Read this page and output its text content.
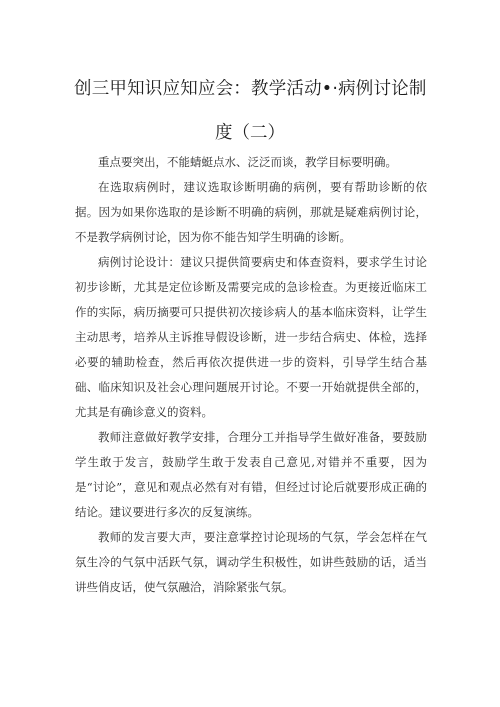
创三甲知识应知应会：教学活动•·病例讨论制
度（二）

重点要突出，不能蜻蜓点水、泛泛而谈，教学目标要明确。

在选取病例时，建议选取诊断明确的病例，要有帮助诊断的依据。因为如果你选取的是诊断不明确的病例，那就是疑难病例讨论，不是教学病例讨论，因为你不能告知学生明确的诊断。

病例讨论设计：建议只提供简要病史和体查资料，要求学生讨论初步诊断，尤其是定位诊断及需要完成的急诊检查。为更接近临床工作的实际，病历摘要可只提供初次接诊病人的基本临床资料，让学生主动思考，培养从主诉推导假设诊断，进一步结合病史、体检，选择必要的辅助检查，然后再依次提供进一步的资料，引导学生结合基础、临床知识及社会心理问题展开讨论。不要一开始就提供全部的，尤其是有确诊意义的资料。

教师注意做好教学安排，合理分工并指导学生做好准备，要鼓励学生敢于发言，鼓励学生敢于发表自己意见,对错并不重要，因为是“讨论”，意见和观点必然有对有错，但经过讨论后就要形成正确的结论。建议要进行多次的反复演练。

教师的发言要大声，要注意掌控讨论现场的气氛，学会怎样在气氛生冷的气氛中活跃气氛，调动学生积极性，如讲些鼓励的话，适当讲些俏皮话，使气氛融洽，消除紧张气氛。
